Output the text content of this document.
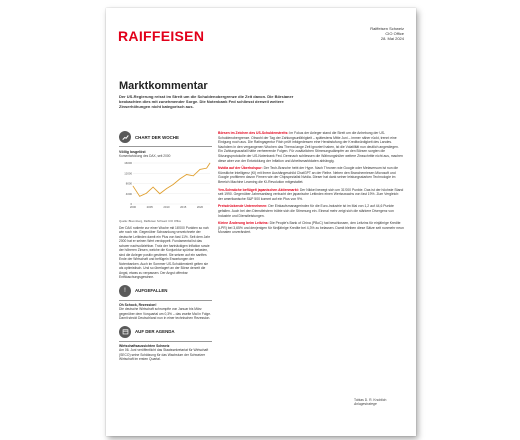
RAIFFEISEN	Raiffeisen Schweiz
CIO Office
28. Mai 2024
Marktkommentar
Der US-Regierung reisst im Streit um die Schuldenobergrenze die Zeit davon. Die Börsianer beobachten dies mit zunehmender Sorge. Die Notenbank Fed schliesst derweil weitere Zinserhöhungen nicht kategorisch aus.
CHART DER WOCHE
Völlig losgelöst
Kursentwicklung des DAX, seit 2000
0
4000
8000
12000
16000
2000	2005	2010	2015	2020
Quelle: Bloomberg, Raiffeisen Schweiz CIO Office
Der DAX notierte zur einer Woche mit 16'000 Punkten so nah wie noch nie. Gegenüber Schwankung verzeichnete der deutsche Leitindex damit ein Plus von fast 11%. Seit dem Jahr 2000 hat er seinen Wert verdoppelt. Fundamental ist das schwer nachvollziehbar. Trotz der hartnäckigen Inflation sowie der höheren Zinsen, welche die Konjunktur spürbar belasten, sind die Anleger positiv gestimmt. Sie setzen auf ein sanftes Ende der Wirtschaft und beflügeln Erwartungen der Notenbanken. Auch im Sommer US-Schuldenstreit gelten sie als optimistisch. Und so überlagert an der Börse derzeit die Angst, etwas zu verpassen. Der Angst offenbar Entfäuschungsgewinne.
!	AUFGEFALLEN
Oh Schock, Rezession!
Die deutsche Wirtschaft schrumpfte von Januar bis März gegenüber dem Vorquartal um 0,3% – das zweite Mal in Folge. Damit steckt Deutschland nun in einer technischen Rezession.
AUF DER AGENDA
Wirtschaftsaussichten Schweiz
Am 06. Juni veröffentlicht das Staatssekretariat für Wirtschaft (SECO) seine Schätzung für das Wachstum der Schweizer Wirtschaft im ersten Quartal.

Börsen im Zeichen des US-Schuldenstreits: Im Fokus der Anleger stand die Streit um die Anhebung der US-Schuldenobergrenze. Obwohl der Tag der Zahlungsunfähigkeit – spätestens Mitte Juni – immer näher rückt, trennt eine Einigung noch aus. Die Ratingagentur Fitch prüft infolgedessen eine Herabstufung der Kreditwürdigkeit des Landes. Nachdem in den vergangenen Wochen das Thema lange Zeit ignoriert haben, ist die Volatilität nun deutlich angestiegen. Ein Zahlungsausfall hätte verheerende Folgen. Für zusätzlichen Stimmungsdämpfer an den Börsen sorgten die Sitzungsprotokolle der US-Notenbank Fed. Demnach schliessen die Währungshüter weitere Zinsschritte nicht aus, machen diese aber von der Entwicklung der Inflation und Arbeitsmarktdaten abhängig.

Nvidia auf der Überholspur: Der Tech-Branche hebt der Hype. Nach Thronen wie Google oder Metaversum ist nun die Künstliche Intelligenz (KI) mit ihrem Aushängeschild ChatGPT an der Reihe. Neben den Branchenriesen Microsoft und Google profitieren davon Firmen wie der Chipspezialist Nvidia. Dieser hat dank seiner leistungsstarken Technologie im Bereich Machine Learning die KI-Revolution mitgestaltet.

Yen-Schwäche beflügelt japanischen Aktienmarkt: Der Nikkei bewegt sich um 31'000 Punkte. Das ist der höchste Stand seit 1990. Gegenüber Jahresanfang verbucht der japanische Leitindex einen Wertzuwachs von fast 19%. Zum Vergleich: der amerikanische S&P 500 kommt auf ein Plus von 9%.

Preisdrückende Unternehmen: Der Einkaufsmanagerindex für die Euro-Industrie ist im Mai von 1,2 auf 44,6 Punkte gefallen. Auch bei den Dienstleistern trübte sich die Stimmung ein. Einmal mehr zeigt sich die stärkere Divergenz von Industrie und Dienstleistungen.

Kleine Änderung beim Leitzins: Die People's Bank of China (PBoC) hat beschlossen, den Leitzins für einjährige Kredite (LPR) bei 3,65% und denjenigen für fünfjährige Kredite bei 4,3% zu belassen. Damit bleiben diese Sätze seit nunmehr neun Monaten unverändert.

Tobias D. R. Knoblich
Anlagestratege
